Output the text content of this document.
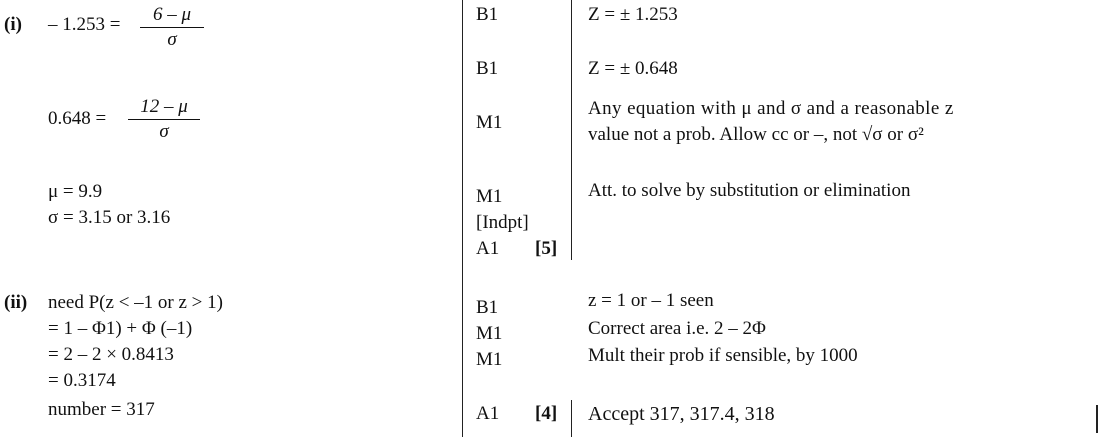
(i) – 1.253 =	6 – μ
σ
0.648 =
12 – μ
σ
μ = 9.9
σ = 3.15 or 3.16
B1
B1
M1
M1
[Indpt]
A1 [5]
Z = ± 1.253
Z = ± 0.648
Any equation with μ and σ and a reasonable z
value not a prob. Allow cc or –, not √σ or σ²
Att. to solve by substitution or elimination
(ii) need P(z < –1 or z > 1)
= 1 – Φ1) + Φ (–1)
= 2 – 2 × 0.8413
= 0.3174
number = 317
B1
M1
M1
A1 [4]
z = 1 or – 1 seen
Correct area i.e. 2 – 2Φ
Mult their prob if sensible, by 1000
Accept 317, 317.4, 318
